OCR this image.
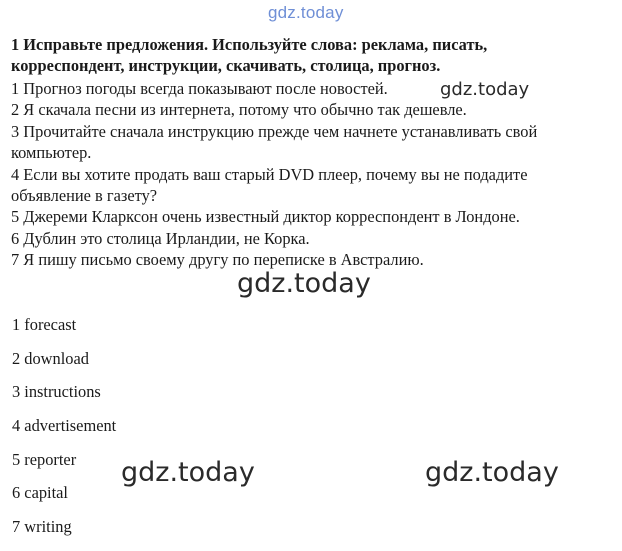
gdz.today

1 Исправьте предложения. Используйте слова: реклама, писать,
корреспондент, инструкции, скачивать, столица, прогноз.

1 Прогноз погоды всегда показывают после новостей.

2 Я скачала песни из интернета, потому что обычно так дешевле.

3 Прочитайте сначала инструкцию прежде чем начнете устанавливать свой

компьютер.

4 Если вы хотите продать ваш старый DVD плеер, почему вы не подадите

объявление в газету?

5 Джереми Кларксон очень известный диктор корреспондент в Лондоне.

6 Дублин это столица Ирландии, не Корка.

7 Я пишу письмо своему другу по переписке в Австралию.

gdz.today
gdz.today

1 forecast

2 download

3 instructions

4 advertisement

5 reporter

6 capital

7 writing

gdz.today	gdz.today
